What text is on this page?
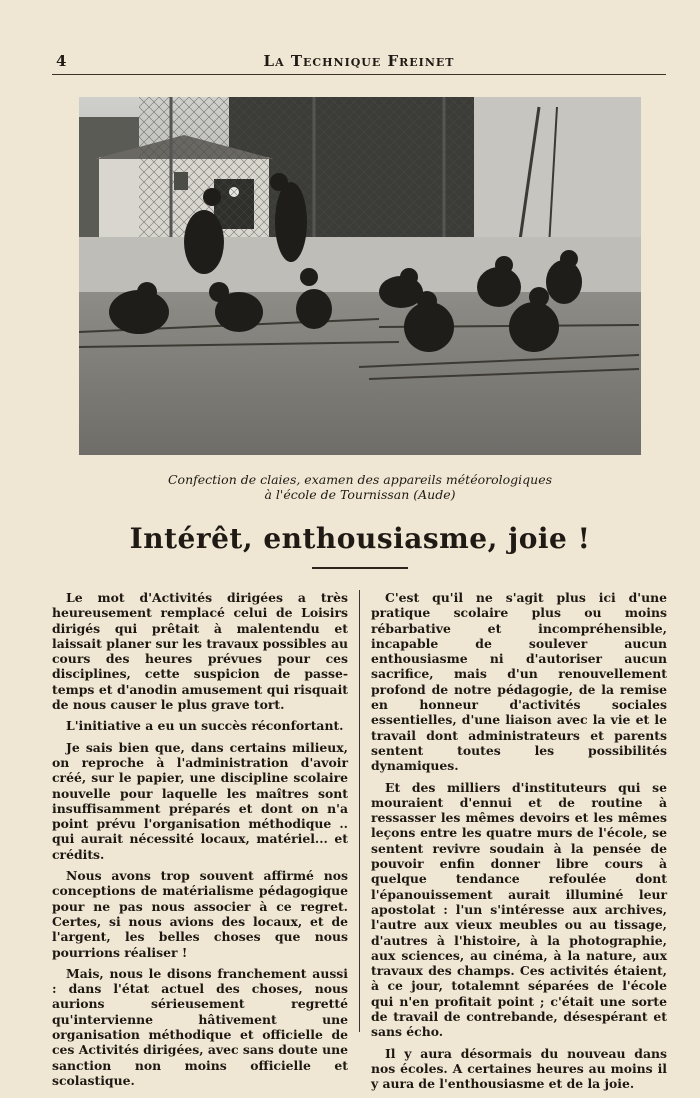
4	La Technique Freinet
Confection de claies, examen des appareils météorologiques
à l'école de Tournissan (Aude)
Intérêt, enthousiasme, joie !

Le mot d'Activités dirigées a très heureusement remplacé celui de Loisirs dirigés qui prêtait à malentendu et laissait planer sur les travaux possibles au cours des heures prévues pour ces disciplines, cette suspicion de passe-temps et d'anodin amusement qui risquait de nous causer le plus grave tort.

L'initiative a eu un succès réconfortant.

Je sais bien que, dans certains milieux, on reproche à l'administration d'avoir créé, sur le papier, une discipline scolaire nouvelle pour laquelle les maîtres sont insuffisamment préparés et dont on n'a point prévu l'organisation méthodique .. qui aurait nécessité locaux, matériel... et crédits.

Nous avons trop souvent affirmé nos conceptions de matérialisme pédagogique pour ne pas nous associer à ce regret. Certes, si nous avions des locaux, et de l'argent, les belles choses que nous pourrions réaliser !

Mais, nous le disons franchement aussi : dans l'état actuel des choses, nous aurions sérieusement regretté qu'intervienne hâtivement une organisation méthodique et officielle de ces Activités dirigées, avec sans doute une sanction non moins officielle et scolastique.

C'est qu'il ne s'agit plus ici d'une pratique scolaire plus ou moins rébarbative et incompréhensible, incapable de soulever aucun enthousiasme ni d'autoriser aucun sacrifice, mais d'un renouvellement profond de notre pédagogie, de la remise en honneur d'activités sociales essentielles, d'une liaison avec la vie et le travail dont administrateurs et parents sentent toutes les possibilités dynamiques.

Et des milliers d'instituteurs qui se mouraient d'ennui et de routine à ressasser les mêmes devoirs et les mêmes leçons entre les quatre murs de l'école, se sentent revivre soudain à la pensée de pouvoir enfin donner libre cours à quelque tendance refoulée dont l'épanouissement aurait illuminé leur apostolat : l'un s'intéresse aux archives, l'autre aux vieux meubles ou au tissage, d'autres à l'histoire, à la photographie, aux sciences, au cinéma, à la nature, aux travaux des champs. Ces activités étaient, à ce jour, totalemnt séparées de l'école qui n'en profitait point ; c'était une sorte de travail de contrebande, désespérant et sans écho.

Il y aura désormais du nouveau dans nos écoles. A certaines heures au moins il y aura de l'enthousiasme et de la joie.
